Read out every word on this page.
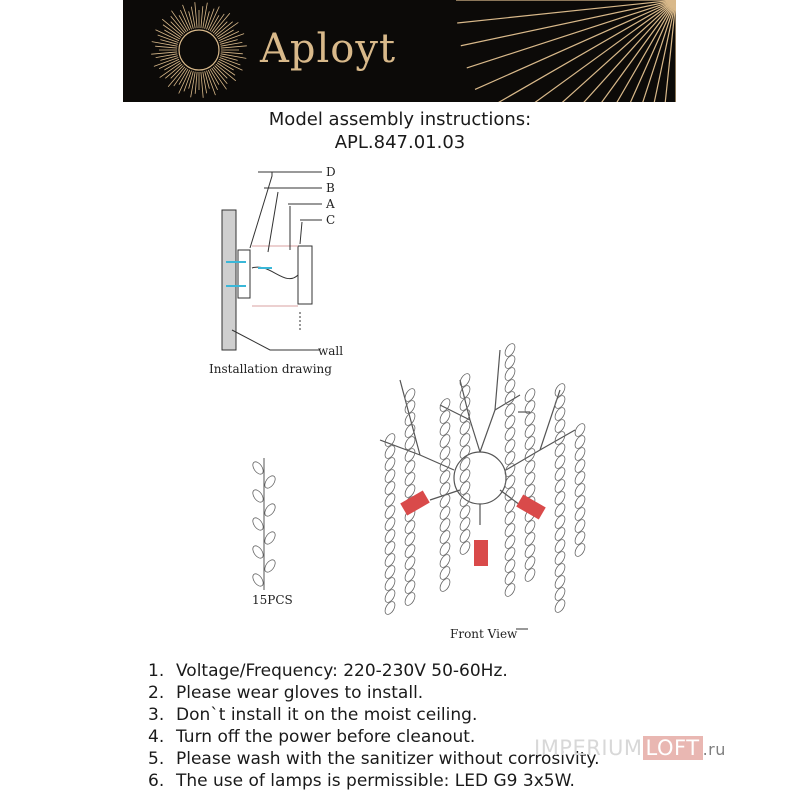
Aployt
Model assembly instructions:
APL.847.01.03
D
B
A
C
wall
Installation drawing
15PCS
Front View
1. Voltage/Frequency: 220-230V 50-60Hz.
2. Please wear gloves to install.
3. Don`t install it on the moist ceiling.
4. Turn off the power before cleanout.
5. Please wash with the sanitizer without corrosivity.
6. The use of lamps is permissible: LED G9 3x5W.
IMPERIUM LOFT .ru
